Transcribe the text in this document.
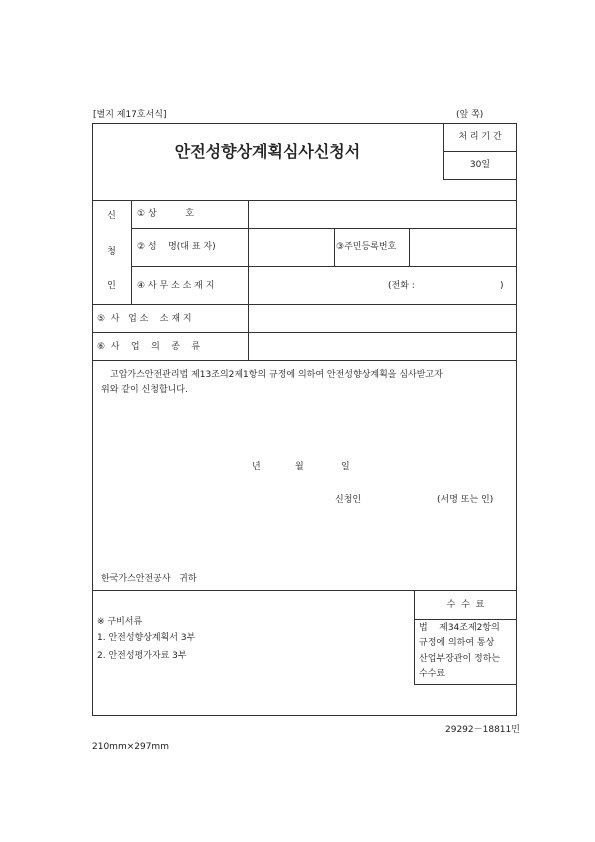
[별지 제17호서식]	(앞 쪽)
안전성향상계획심사신청서
처 리 기 간
30일
신
청
인
① 상          호
② 성    명(대 표 자)	③주민등록번호
④ 사 무 소 소 재 지	(전화 :	)
⑤  사   업 소    소 재 지
⑥  사    업    의    종    류
고압가스안전관리법 제13조의2제1항의 규정에 의하여 안전성향상계획을 심사받고자
위와 같이 신청합니다.
년	월	일
신청인	(서명 또는 인)
한국가스안전공사   귀하
※ 구비서류
1. 안전성향상계획서 3부
2. 안전성평가자료 3부
수  수  료
법    제34조제2항의
규정에 의하여 통상
산업부장관이 정하는
수수료
29292－18811민
210mm×297mm
